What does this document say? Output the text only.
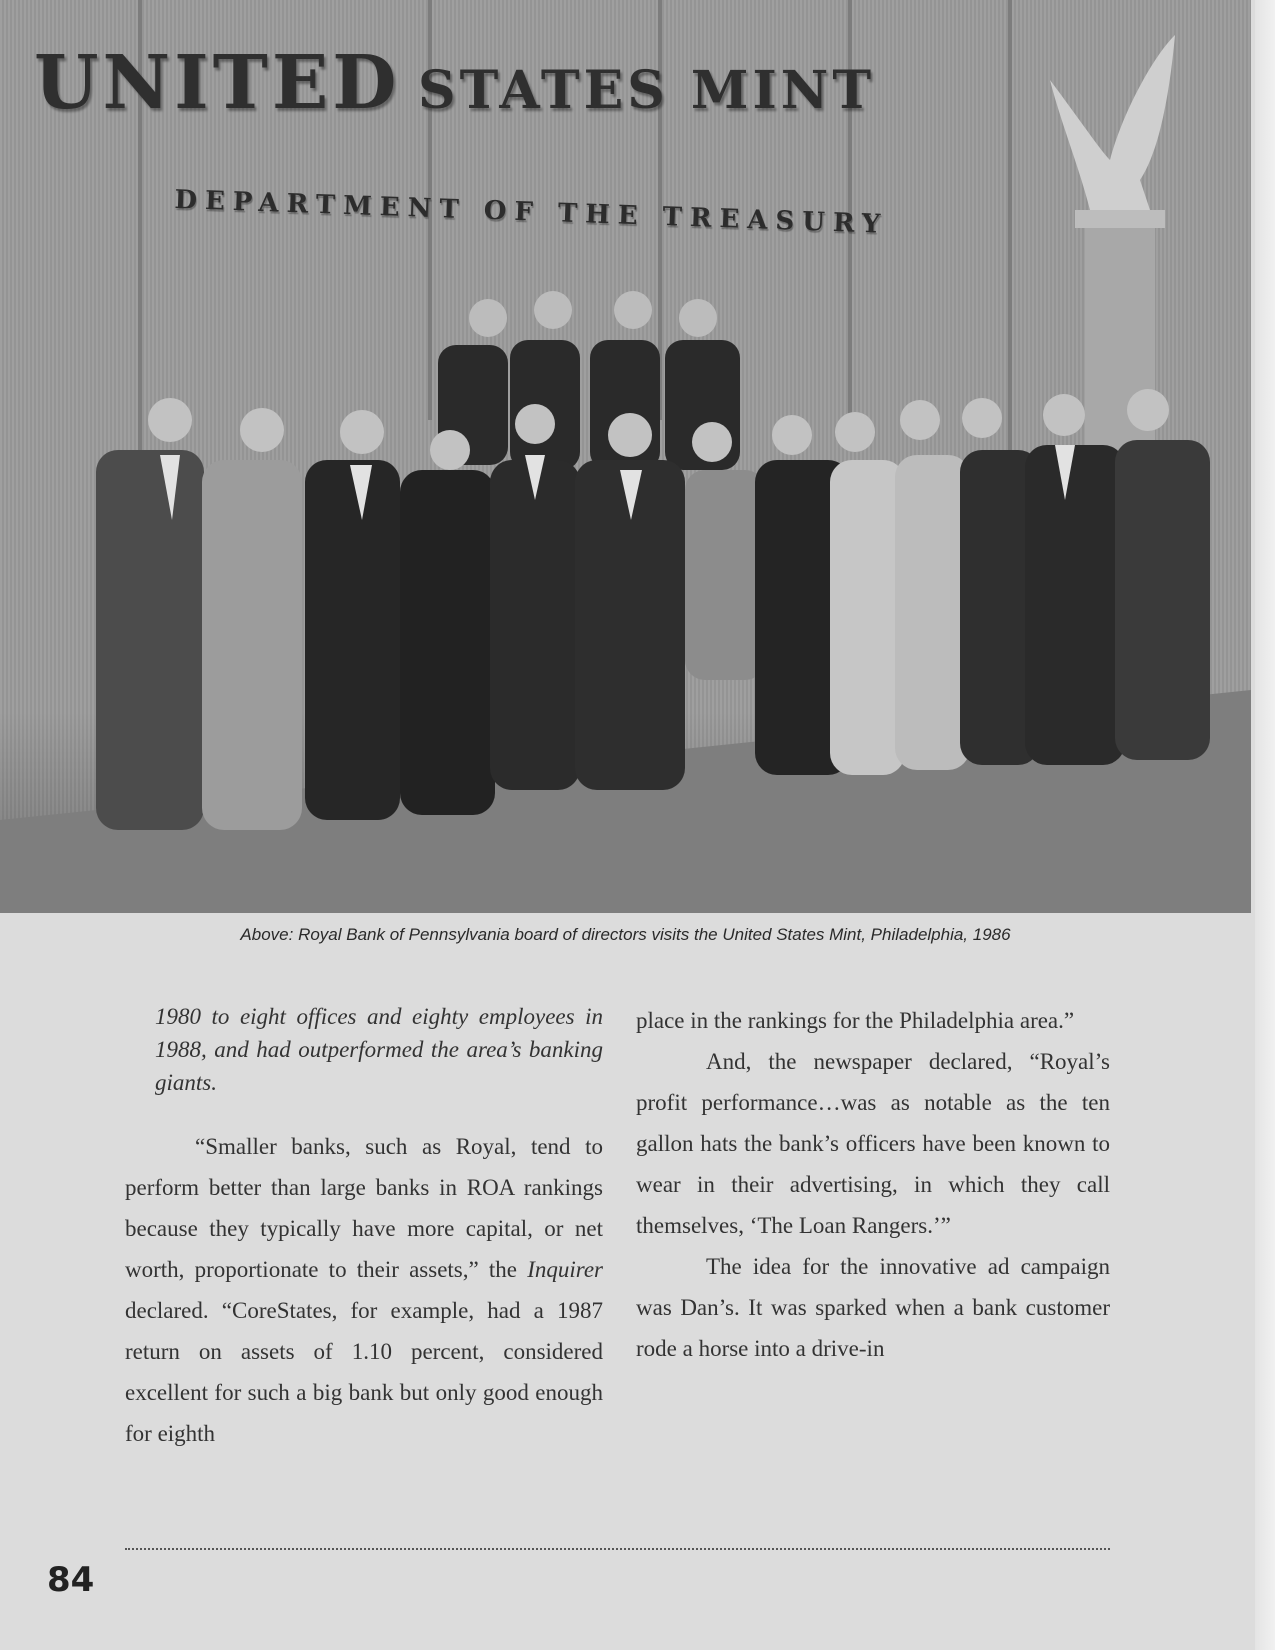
UNITED STATES MINT
DEPARTMENT OF THE TREASURY
Above: Royal Bank of Pennsylvania board of directors visits the United States Mint, Philadelphia, 1986

1980 to eight offices and eighty employees in 1988, and had outperformed the area’s banking giants.

“Smaller banks, such as Royal, tend to perform better than large banks in ROA rankings because they typically have more capital, or net worth, proportionate to their assets,” the Inquirer declared. “CoreStates, for example, had a 1987 return on assets of 1.10 percent, considered excellent for such a big bank but only good enough for eighth

place in the rankings for the Philadelphia area.”

And, the newspaper declared, “Royal’s profit performance…was as notable as the ten gallon hats the bank’s officers have been known to wear in their advertising, in which they call themselves, ‘The Loan Rangers.’”

The idea for the innovative ad campaign was Dan’s. It was sparked when a bank customer rode a horse into a drive-in

84
